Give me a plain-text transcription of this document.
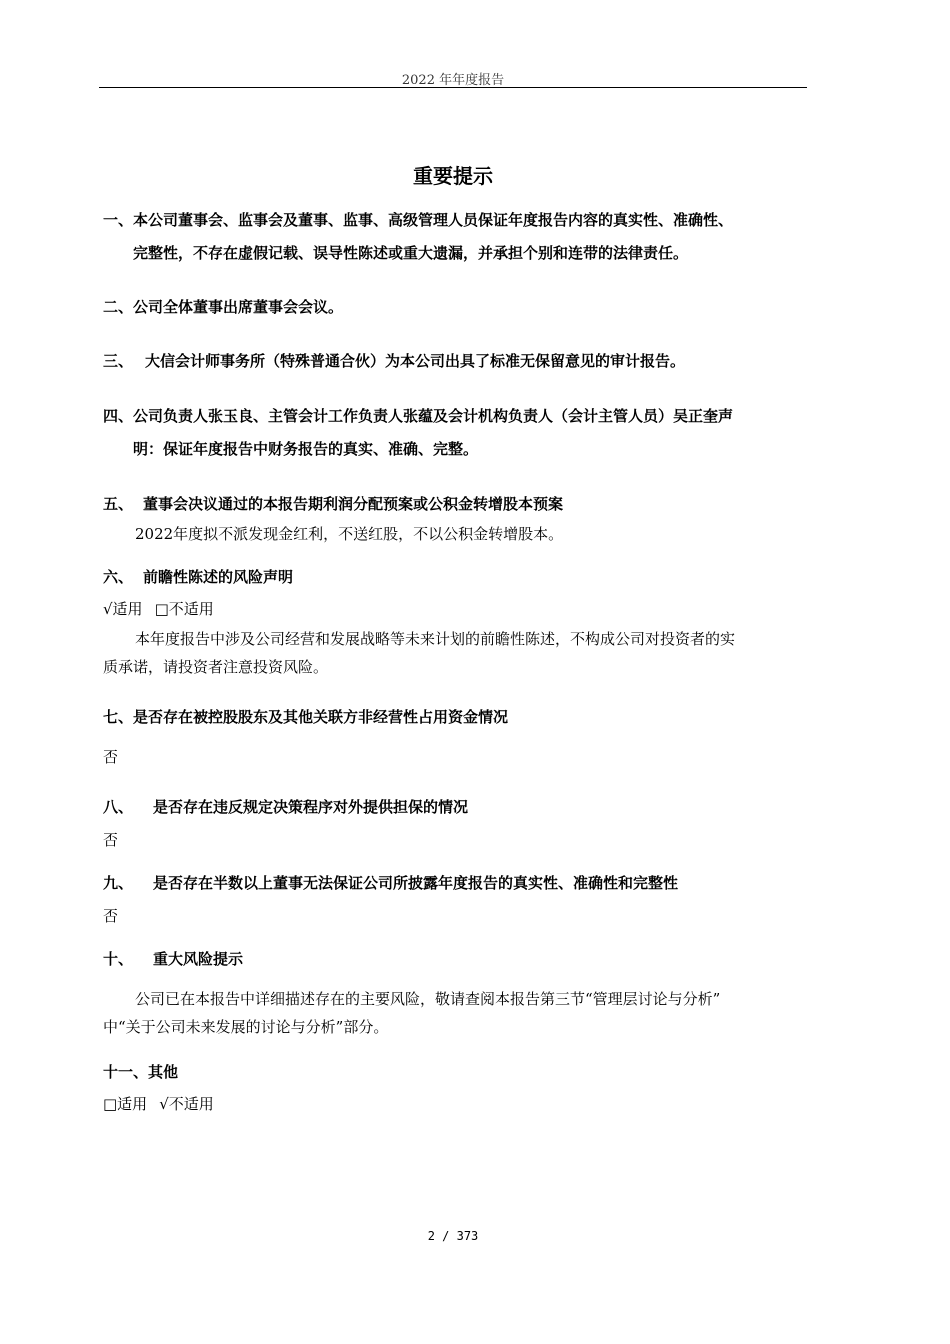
2022 年年度报告
重要提示
一、本公司董事会、监事会及董事、监事、高级管理人员保证年度报告内容的真实性、准确性、
完整性，不存在虚假记载、误导性陈述或重大遗漏，并承担个别和连带的法律责任。
二、公司全体董事出席董事会会议。
三、 大信会计师事务所（特殊普通合伙）为本公司出具了标准无保留意见的审计报告。
四、公司负责人张玉良、主管会计工作负责人张蕴及会计机构负责人（会计主管人员）吴正奎声
明：保证年度报告中财务报告的真实、准确、完整。
五、 董事会决议通过的本报告期利润分配预案或公积金转增股本预案
2022年度拟不派发现金红利，不送红股，不以公积金转增股本。
六、 前瞻性陈述的风险声明
√适用 □不适用
本年度报告中涉及公司经营和发展战略等未来计划的前瞻性陈述，不构成公司对投资者的实
质承诺，请投资者注意投资风险。
七、是否存在被控股股东及其他关联方非经营性占用资金情况
否
八、 是否存在违反规定决策程序对外提供担保的情况
否
九、 是否存在半数以上董事无法保证公司所披露年度报告的真实性、准确性和完整性
否
十、 重大风险提示
公司已在本报告中详细描述存在的主要风险，敬请查阅本报告第三节“管理层讨论与分析”
中“关于公司未来发展的讨论与分析”部分。
十一、其他
□适用 √不适用
2 / 373
